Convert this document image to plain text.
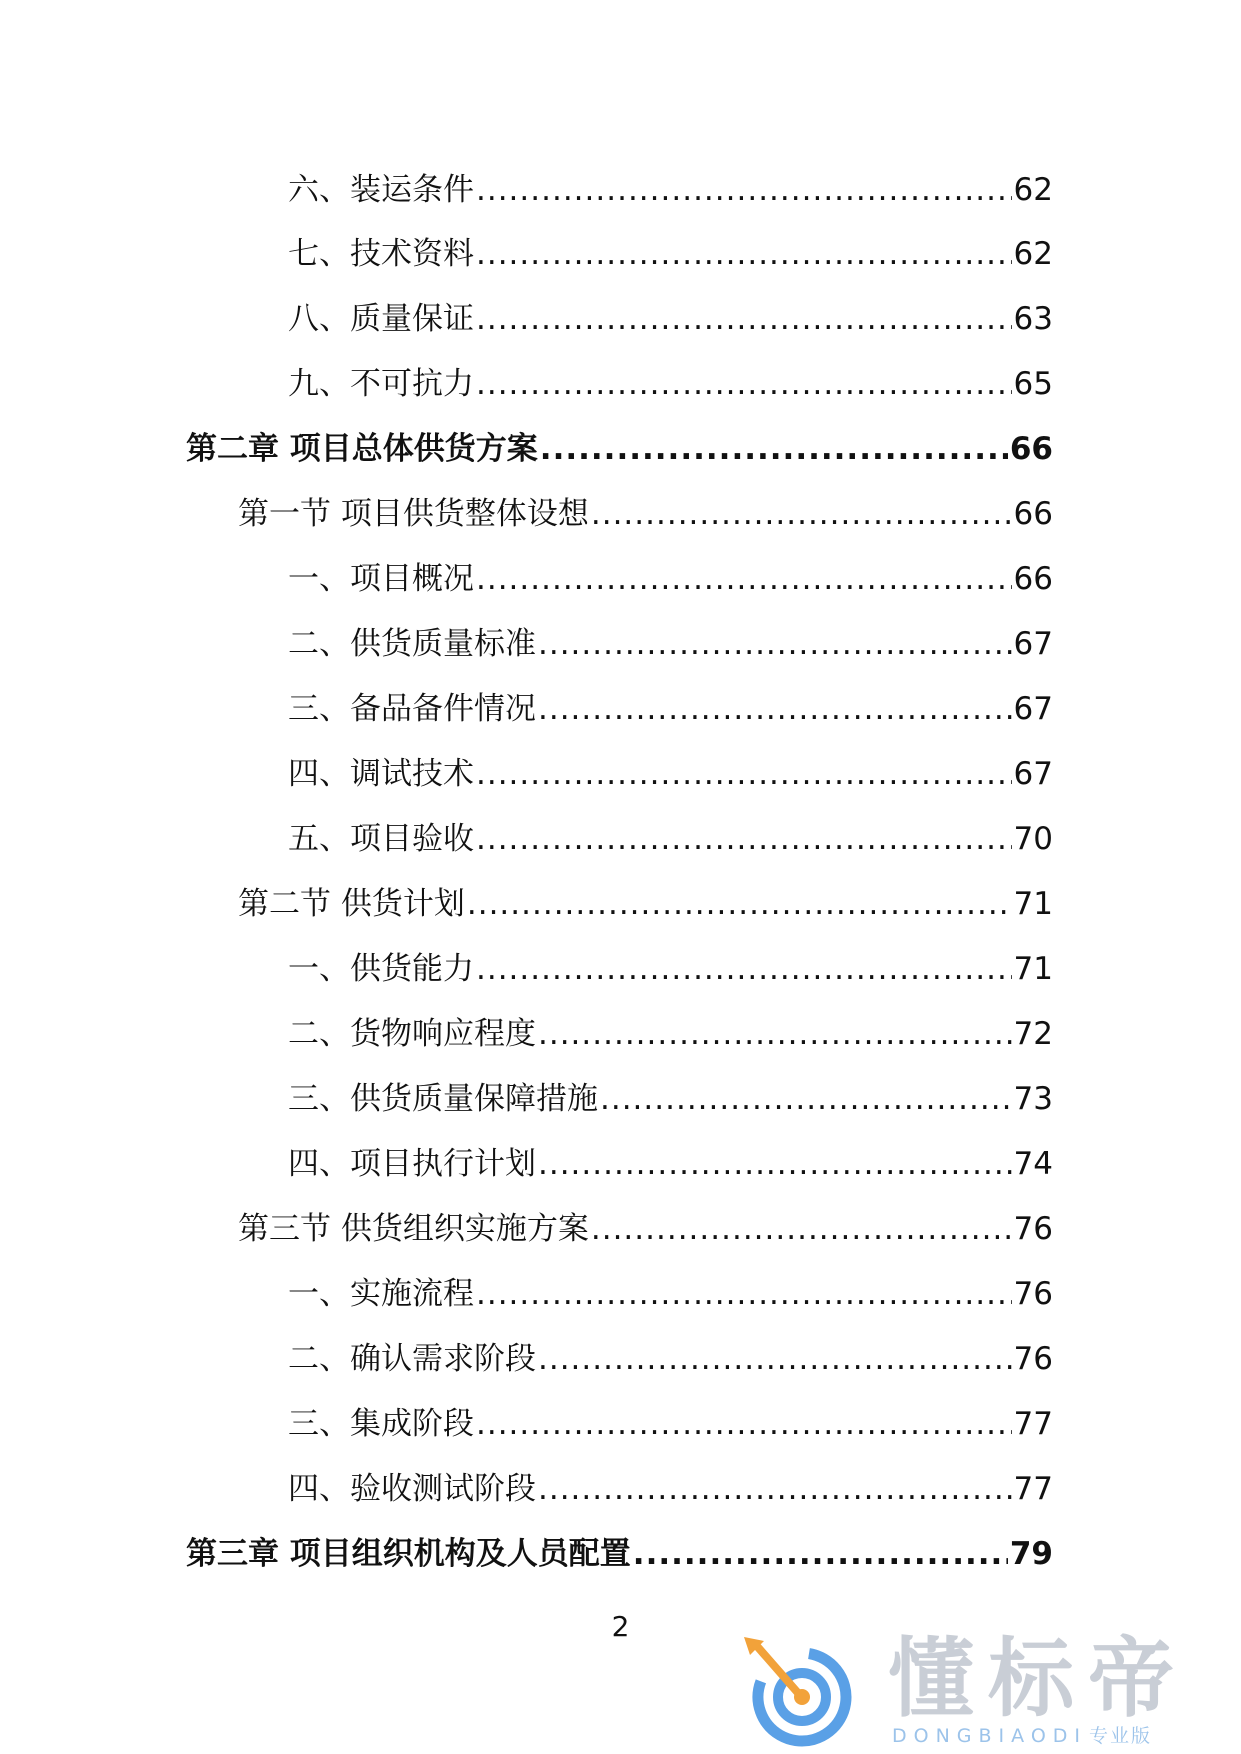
六、装运条件 .....	62
七、技术资料 .....	62
八、质量保证 .....	63
九、不可抗力 .....	65
第二章 项目总体供货方案 .....	66
第一节 项目供货整体设想 .....	66
一、项目概况 .....	66
二、供货质量标准 .....	67
三、备品备件情况 .....	67
四、调试技术 .....	67
五、项目验收 .....	70
第二节 供货计划 .....	71
一、供货能力 .....	71
二、货物响应程度 .....	72
三、供货质量保障措施 .....	73
四、项目执行计划 .....	74
第三节 供货组织实施方案 .....	76
一、实施流程 .....	76
二、确认需求阶段 .....	76
三、集成阶段 .....	77
四、验收测试阶段 .....	77
第三章 项目组织机构及人员配置 .....	79
2
懂标帝
DONGBIAODI 专业版
